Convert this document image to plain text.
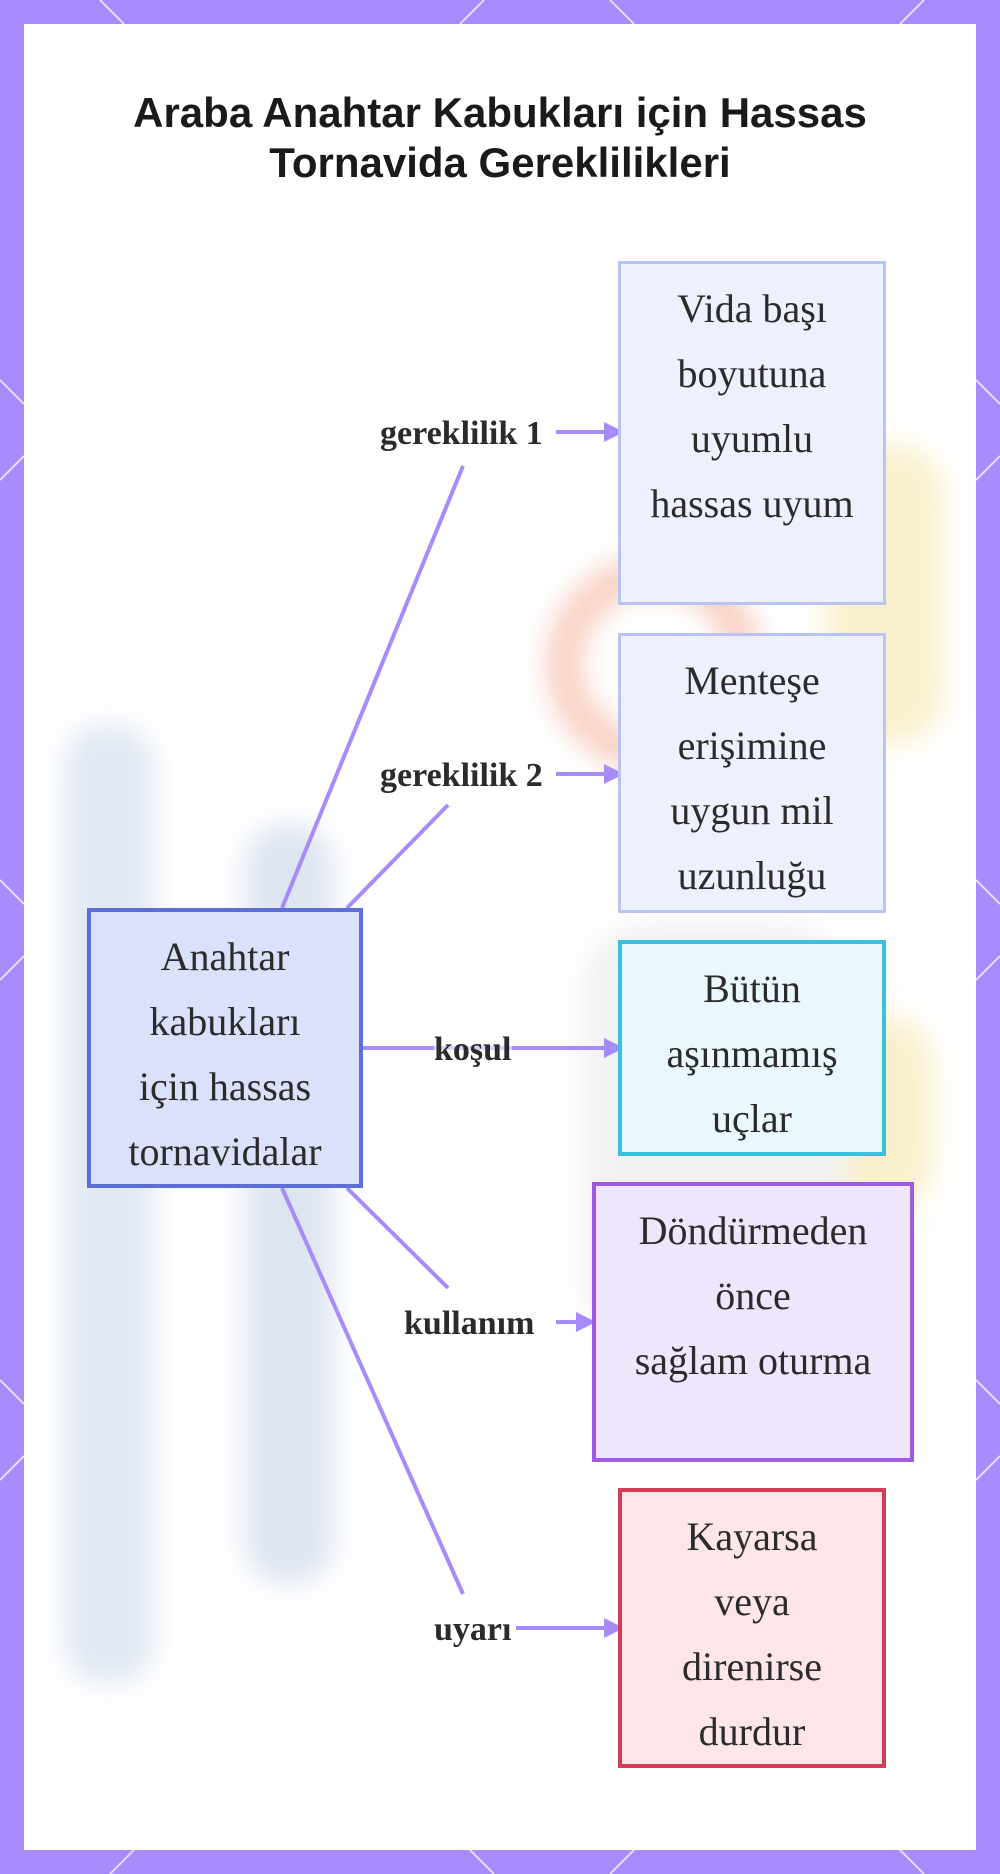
Araba Anahtar Kabukları için Hassas
Tornavida Gereklilikleri
Anahtar
kabukları
için hassas
tornavidalar
Vida başı
boyutuna
uyumlu
hassas uyum
Menteşe
erişimine
uygun mil
uzunluğu
Bütün
aşınmamış
uçlar
Döndürmeden
önce
sağlam oturma
Kayarsa
veya
direnirse
durdur
gereklilik 1
gereklilik 2
koşul
kullanım
uyarı
